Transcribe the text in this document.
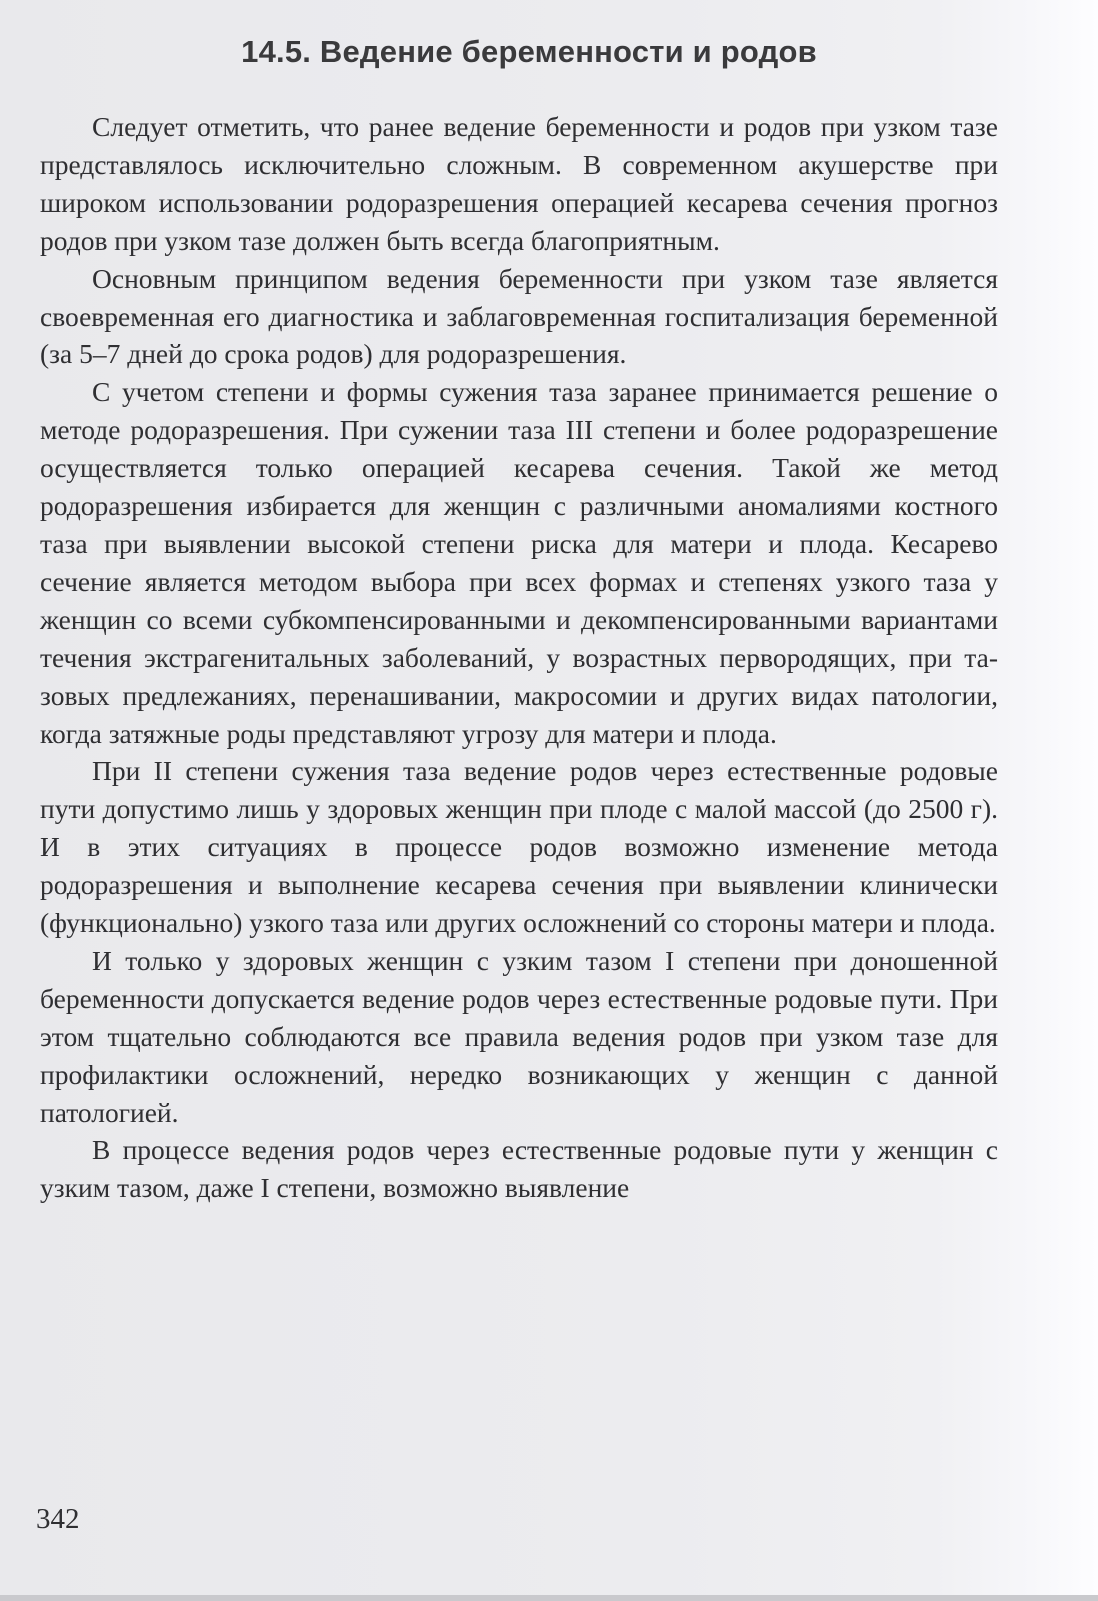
14.5. Ведение беременности и родов

Следует отметить, что ранее ведение беременности и родов при узком тазе представлялось исключительно сложным. В современном акушерстве при широком использовании родоразрешения операцией кесарева сечения прогноз родов при узком тазе должен быть всегда благоприятным.

Основным принципом ведения беременности при узком тазе является своевременная его диагностика и заблаговременная госпитализация беременной (за 5–7 дней до срока родов) для родоразрешения.

С учетом степени и формы сужения таза заранее принимается решение о методе родоразрешения. При сужении таза III степени и более родоразрешение осуществляется только операцией кесарева сечения. Такой же метод родоразрешения избирается для женщин с различными аномалиями костного таза при выявлении высокой степени риска для матери и плода. Кесарево сечение является методом выбора при всех формах и степенях узкого таза у женщин со всеми субкомпенсированными и декомпенсированными вариантами течения экстрагенитальных заболеваний, у возрастных первородящих, при тазовых предлежаниях, перенашивании, макросомии и других видах патологии, когда затяжные роды представляют угрозу для матери и плода.

При II степени сужения таза ведение родов через естественные родовые пути допустимо лишь у здоровых женщин при плоде с малой массой (до 2500 г). И в этих ситуациях в процессе родов возможно изменение метода родоразрешения и выполнение кесарева сечения при выявлении клинически (функционально) узкого таза или других осложнений со стороны матери и плода.

И только у здоровых женщин с узким тазом I степени при доношенной беременности допускается ведение родов через естественные родовые пути. При этом тщательно соблюдаются все правила ведения родов при узком тазе для профилактики осложнений, нередко возникающих у женщин с данной патологией.

В процессе ведения родов через естественные родовые пути у женщин с узким тазом, даже I степени, возможно выявление

342
